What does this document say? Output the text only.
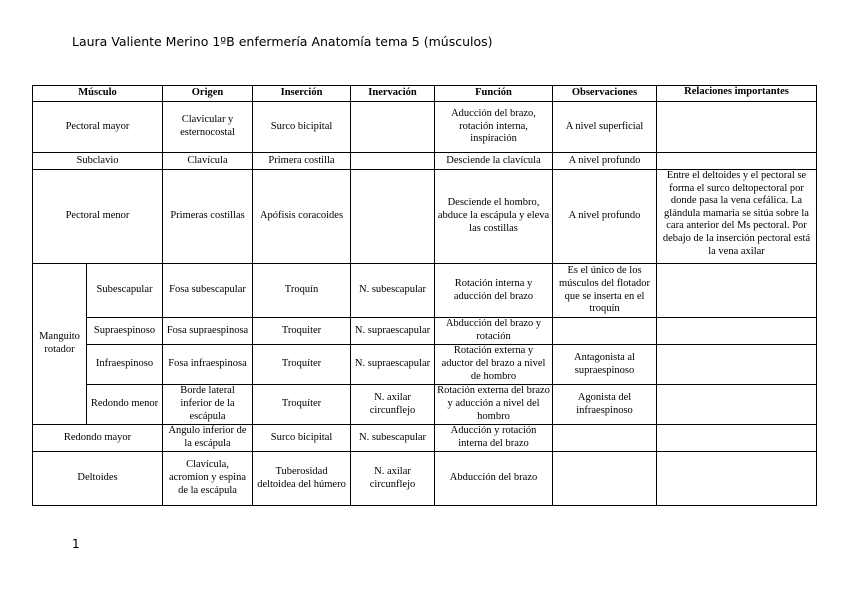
Laura Valiente Merino 1ºB enfermería Anatomía tema 5 (músculos)
Músculo		Origen	Inserción	Inervación	Función	Observaciones	Relaciones importantes
Pectoral mayor		Clavicular y esternocostal	Surco bicipital		Aducción del brazo, rotación interna, inspiración	A nivel superficial	
Subclavio		Clavícula	Primera costilla		Desciende la clavícula	A nivel profundo	
Pectoral menor		Primeras costillas	Apófisis coracoides		Desciende el hombro, abduce la escápula y eleva las costillas	A nivel profundo	Entre el deltoides y el pectoral se forma el surco deltopectoral por donde pasa la vena cefálica. La glándula mamaria se sitúa sobre la cara anterior del Ms pectoral. Por debajo de la inserción pectoral está la vena axilar
Manguito rotador	Subescapular	Fosa subescapular	Troquín	N. subescapular	Rotación interna y aducción del brazo	Es el único de los músculos del flotador que se inserta en el troquín	
	Supraespinoso	Fosa supraespinosa	Troquiter	N. supraescapular	Abducción del brazo y rotación		
	Infraespinoso	Fosa infraespinosa	Troquíter	N. supraescapular	Rotación externa y aductor del brazo a nivel de hombro	Antagonista al supraespinoso	
	Redondo menor	Borde lateral inferior de la escápula	Troquíter	N. axilar circunflejo	Rotación externa del brazo y aducción a nivel del hombro	Agonista del infraespinoso	
Redondo mayor		Ángulo inferior de la escápula	Surco bicipital	N. subescapular	Aducción y rotación interna del brazo		
Deltoides		Clavícula, acromion y espina de la escápula	Tuberosidad deltoidea del húmero	N. axilar circunflejo	Abducción del brazo		
1
